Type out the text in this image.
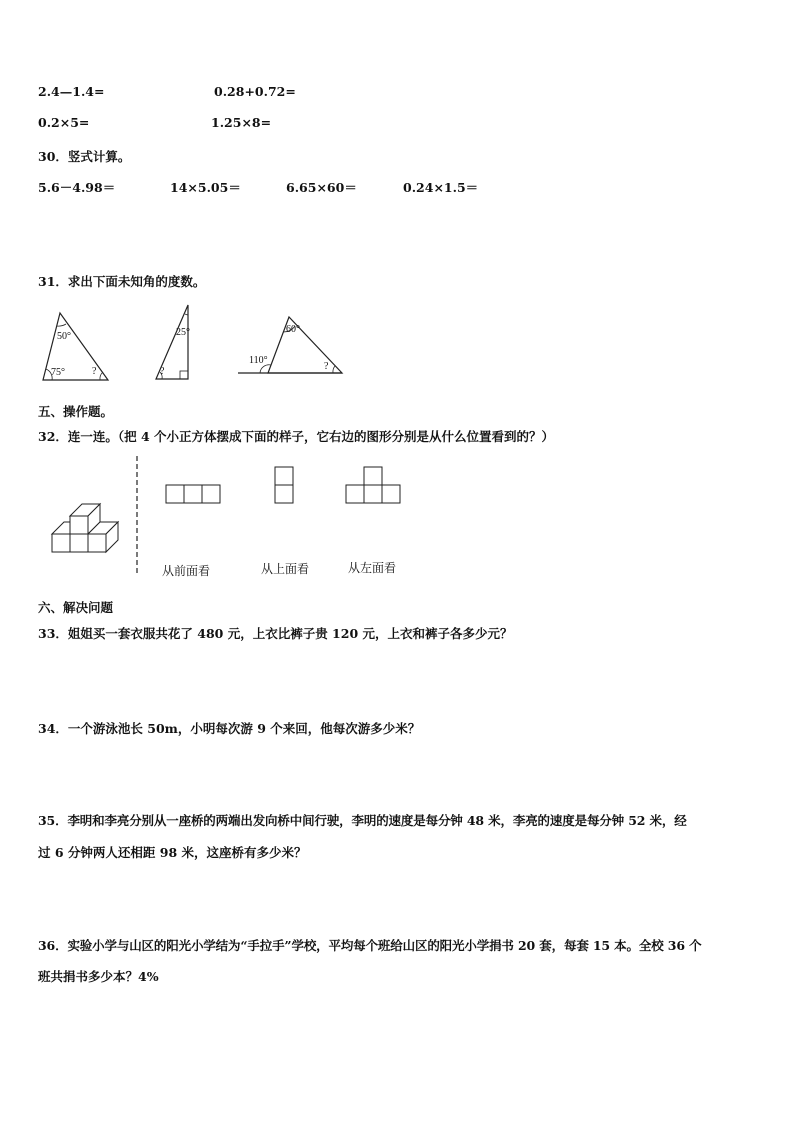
2.4—1.4=	0.28+0.72=
0.2×5=	1.25×8=
30．竖式计算。
5.6－4.98＝	14×5.05＝	6.65×60＝	0.24×1.5＝
31．求出下面未知角的度数。
50°
75°	?
25°
?
60°
110°
?
五、操作题。
32．连一连。（把 4 个小正方体摆成下面的样子，它右边的图形分别是从什么位置看到的？）
从前面看	从上面看	从左面看
六、解决问题
33．姐姐买一套衣服共花了 480 元，上衣比裤子贵 120 元，上衣和裤子各多少元？
34．一个游泳池长 50m，小明每次游 9 个来回，他每次游多少米？
35．李明和李亮分别从一座桥的两端出发向桥中间行驶，李明的速度是每分钟 48 米，李亮的速度是每分钟 52 米，经
过 6 分钟两人还相距 98 米，这座桥有多少米？
36．实验小学与山区的阳光小学结为“手拉手”学校，平均每个班给山区的阳光小学捐书 20 套，每套 15 本。全校 36 个
班共捐书多少本？4%
